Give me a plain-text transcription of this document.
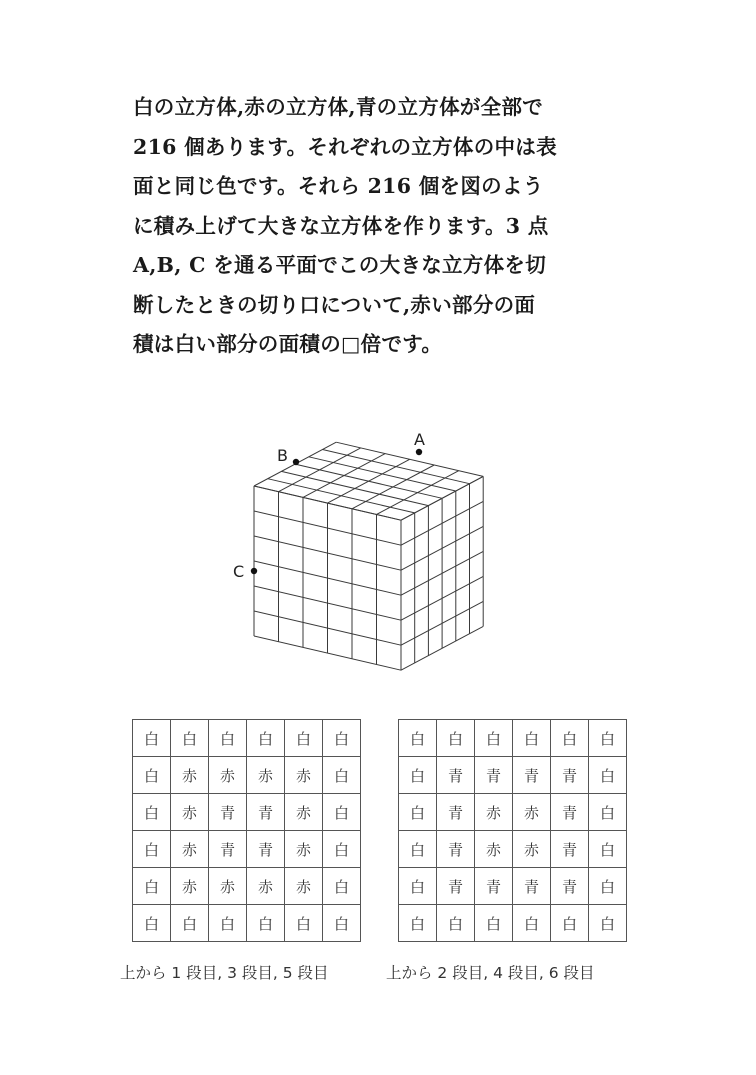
白の立方体,赤の立方体,青の立方体が全部で
216 個あります。それぞれの立方体の中は表
面と同じ色です。それら 216 個を図のよう
に積み上げて大きな立方体を作ります。3 点
A,B, C を通る平面でこの大きな立方体を切
断したときの切り口について,赤い部分の面
積は白い部分の面積の□倍です。
A
B
C
白	白	白	白	白	白
白	赤	赤	赤	赤	白
白	赤	青	青	赤	白
白	赤	青	青	赤	白
白	赤	赤	赤	赤	白
白	白	白	白	白	白
白	白	白	白	白	白
白	青	青	青	青	白
白	青	赤	赤	青	白
白	青	赤	赤	青	白
白	青	青	青	青	白
白	白	白	白	白	白
上から 1 段目, 3 段目, 5 段目	上から 2 段目, 4 段目, 6 段目
